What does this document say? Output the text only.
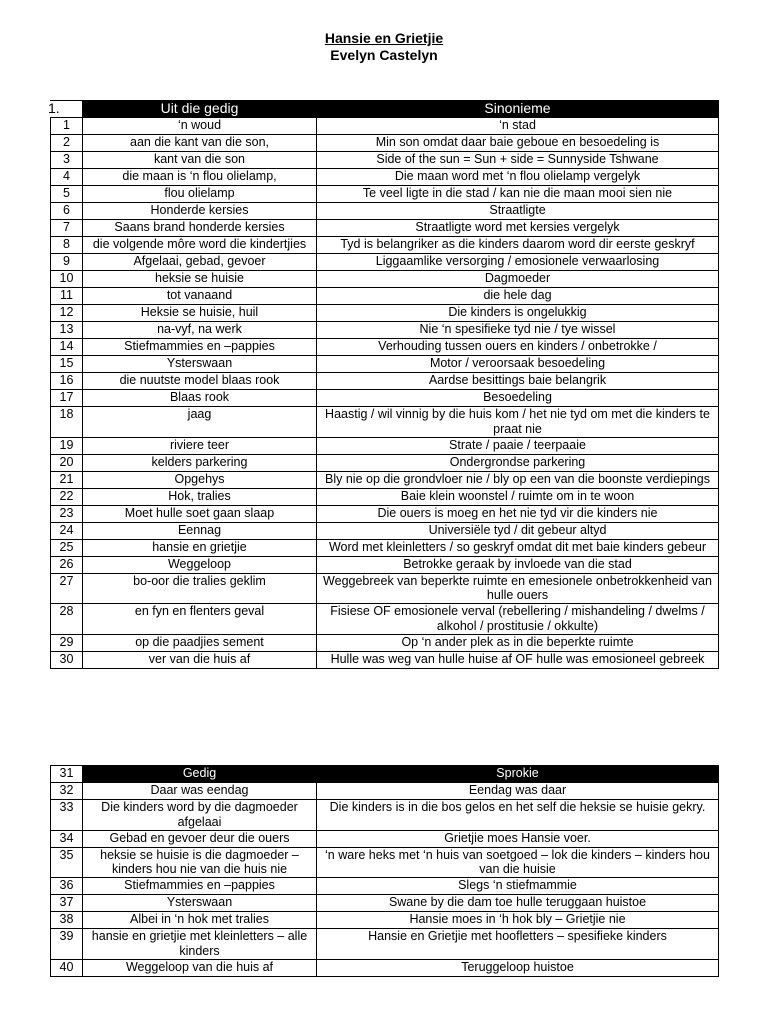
Hansie en Grietjie
Evelyn Castelyn
1.	Uit die gedig	Sinonieme
1	‘n woud	‘n stad
2	aan die kant van die son,	Min son omdat daar baie geboue en besoedeling is
3	kant van die son	Side of the sun = Sun + side = Sunnyside Tshwane
4	die maan is ‘n flou olielamp,	Die maan word met ‘n flou olielamp vergelyk
5	flou olielamp	Te veel ligte in die stad / kan nie die maan mooi sien nie
6	Honderde kersies	Straatligte
7	Saans brand honderde kersies	Straatligte word met kersies vergelyk
8	die volgende môre word die kindertjies	Tyd is belangriker as die kinders daarom word dir eerste geskryf
9	Afgelaai, gebad, gevoer	Liggaamlike versorging / emosionele verwaarlosing
10	heksie se huisie	Dagmoeder
11	tot vanaand	die hele dag
12	Heksie se huisie, huil	Die kinders is ongelukkig
13	na-vyf, na werk	Nie ‘n spesifieke tyd nie / tye wissel
14	Stiefmammies en –pappies	Verhouding tussen ouers en kinders / onbetrokke /
15	Ysterswaan	Motor / veroorsaak besoedeling
16	die nuutste model blaas rook	Aardse besittings baie belangrik
17	Blaas rook	Besoedeling
18	jaag	Haastig / wil vinnig by die huis kom / het nie tyd om met die kinders te praat nie
19	riviere teer	Strate / paaie / teerpaaie
20	kelders parkering	Ondergrondse parkering
21	Opgehys	Bly nie op die grondvloer nie / bly op een van die boonste verdiepings
22	Hok, tralies	Baie klein woonstel / ruimte om in te woon
23	Moet hulle soet gaan slaap	Die ouers is moeg en het nie tyd vir die kinders nie
24	Eennag	Universiële tyd / dit gebeur altyd
25	hansie en grietjie	Word met kleinletters / so geskryf omdat dit met baie kinders gebeur
26	Weggeloop	Betrokke geraak by invloede van die stad
27	bo-oor die tralies geklim	Weggebreek van beperkte ruimte en emesionele onbetrokkenheid van hulle ouers
28	en fyn en flenters geval	Fisiese OF emosionele verval (rebellering / mishandeling / dwelms / alkohol / prostitusie / okkulte)
29	op die paadjies sement	Op ‘n ander plek as in die beperkte ruimte
30	ver van die huis af	Hulle was weg van hulle huise af OF hulle was emosioneel gebreek
31	Gedig	Sprokie
32	Daar was eendag	Eendag was daar
33	Die kinders word by die dagmoeder afgelaai	Die kinders is in die bos gelos en het self die heksie se huisie gekry.
34	Gebad en gevoer deur die ouers	Grietjie moes Hansie voer.
35	heksie se huisie is die dagmoeder – kinders hou nie van die huis nie	‘n ware heks met ‘n huis van soetgoed – lok die kinders – kinders hou van die huisie
36	Stiefmammies en –pappies	Slegs ‘n stiefmammie
37	Ysterswaan	Swane by die dam toe hulle teruggaan huistoe
38	Albei in ‘n hok met tralies	Hansie moes in ‘h hok bly – Grietjie nie
39	hansie en grietjie met kleinletters – alle kinders	Hansie en Grietjie met hoofletters – spesifieke kinders
40	Weggeloop van die huis af	Teruggeloop huistoe
